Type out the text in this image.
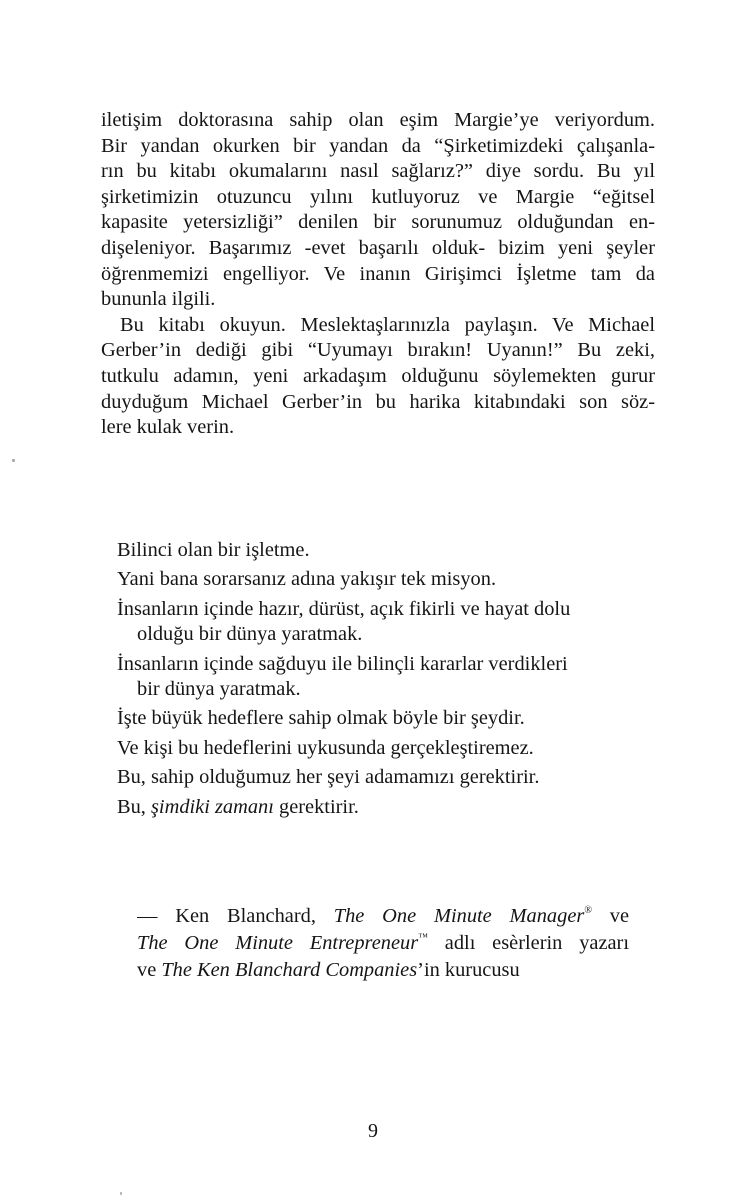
iletişim doktorasına sahip olan eşim Margie’ye veriyordum.
Bir yandan okurken bir yandan da “Şirketimizdeki çalışanla-
rın bu kitabı okumalarını nasıl sağlarız?” diye sordu. Bu yıl
şirketimizin otuzuncu yılını kutluyoruz ve Margie “eğitsel
kapasite yetersizliği” denilen bir sorunumuz olduğundan en-
dişeleniyor. Başarımız -evet başarılı olduk- bizim yeni şeyler
öğrenmemizi engelliyor. Ve inanın Girişimci İşletme tam da
bununla ilgili.
Bu kitabı okuyun. Meslektaşlarınızla paylaşın. Ve Michael
Gerber’in dediği gibi “Uyumayı bırakın! Uyanın!” Bu zeki,
tutkulu adamın, yeni arkadaşım olduğunu söylemekten gurur
duyduğum Michael Gerber’in bu harika kitabındaki son söz-
lere kulak verin.
Bilinci olan bir işletme.
Yani bana sorarsanız adına yakışır tek misyon.
İnsanların içinde hazır, dürüst, açık fikirli ve hayat dolu
olduğu bir dünya yaratmak.
İnsanların içinde sağduyu ile bilinçli kararlar verdikleri
bir dünya yaratmak.
İşte büyük hedeflere sahip olmak böyle bir şeydir.
Ve kişi bu hedeflerini uykusunda gerçekleştiremez.
Bu, sahip olduğumuz her şeyi adamamızı gerektirir.
Bu, şimdiki zamanı gerektirir.
— Ken Blanchard, The One Minute Manager® ve
The One Minute Entrepreneur™ adlı esèrlerin yazarı
ve The Ken Blanchard Companies’in kurucusu
9
